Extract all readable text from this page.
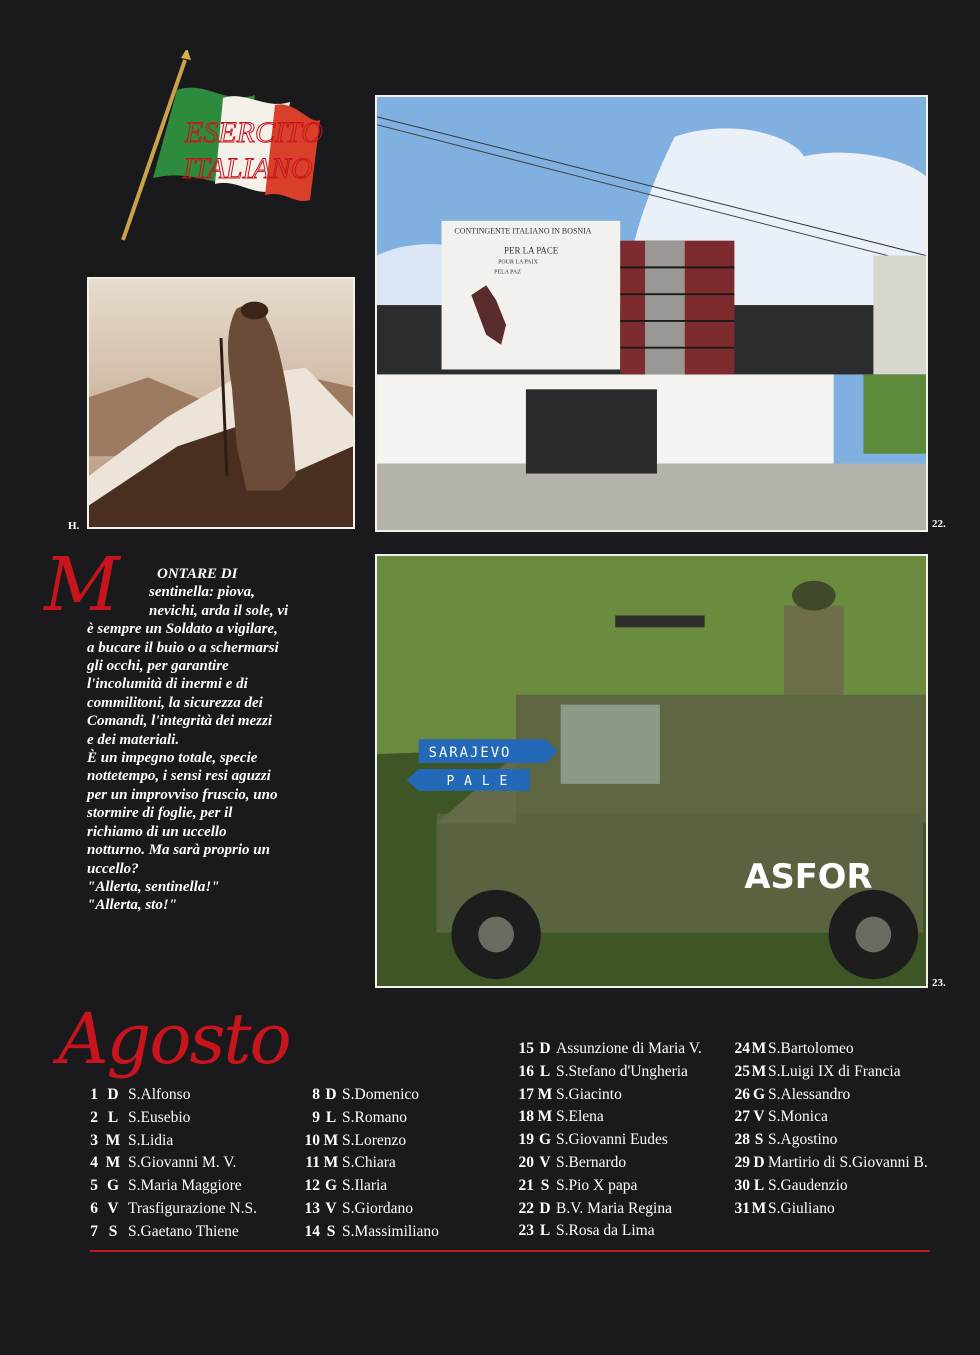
ESERCITO
ITALIANO
H.
CONTINGENTE ITALIANO IN BOSNIA
PER LA PACE
POUR LA PAIX
PELA PAZ
22.
SARAJEVO
PALE
ASFOR
23.
M	ONTARE DI
sentinella: piova,
nevichi, arda il sole, vi
è sempre un Soldato a vigilare,
a bucare il buio o a schermarsi
gli occhi, per garantire
l'incolumità di inermi e di
commilitoni, la sicurezza dei
Comandi, l'integrità dei mezzi
e dei materiali.
È un impegno totale, specie
nottetempo, i sensi resi aguzzi
per un improvviso fruscio, uno
stormire di foglie, per il
richiamo di un uccello
notturno. Ma sarà proprio un
uccello?
"Allerta, sentinella!"
"Allerta, sto!"
Agosto
1 D S.Alfonso
2 L S.Eusebio
3 M S.Lidia
4 M S.Giovanni M. V.
5 G S.Maria Maggiore
6 V Trasfigurazione N.S.
7 S S.Gaetano Thiene
8 D S.Domenico
9 L S.Romano
10 M S.Lorenzo
11 M S.Chiara
12 G S.Ilaria
13 V S.Giordano
14 S S.Massimiliano
15 D Assunzione di Maria V.
16 L S.Stefano d'Ungheria
17 M S.Giacinto
18 M S.Elena
19 G S.Giovanni Eudes
20 V S.Bernardo
21 S S.Pio X papa
22 D B.V. Maria Regina
23 L S.Rosa da Lima
24 M S.Bartolomeo
25 M S.Luigi IX di Francia
26 G S.Alessandro
27 V S.Monica
28 S S.Agostino
29 D Martirio di S.Giovanni B.
30 L S.Gaudenzio
31 M S.Giuliano
